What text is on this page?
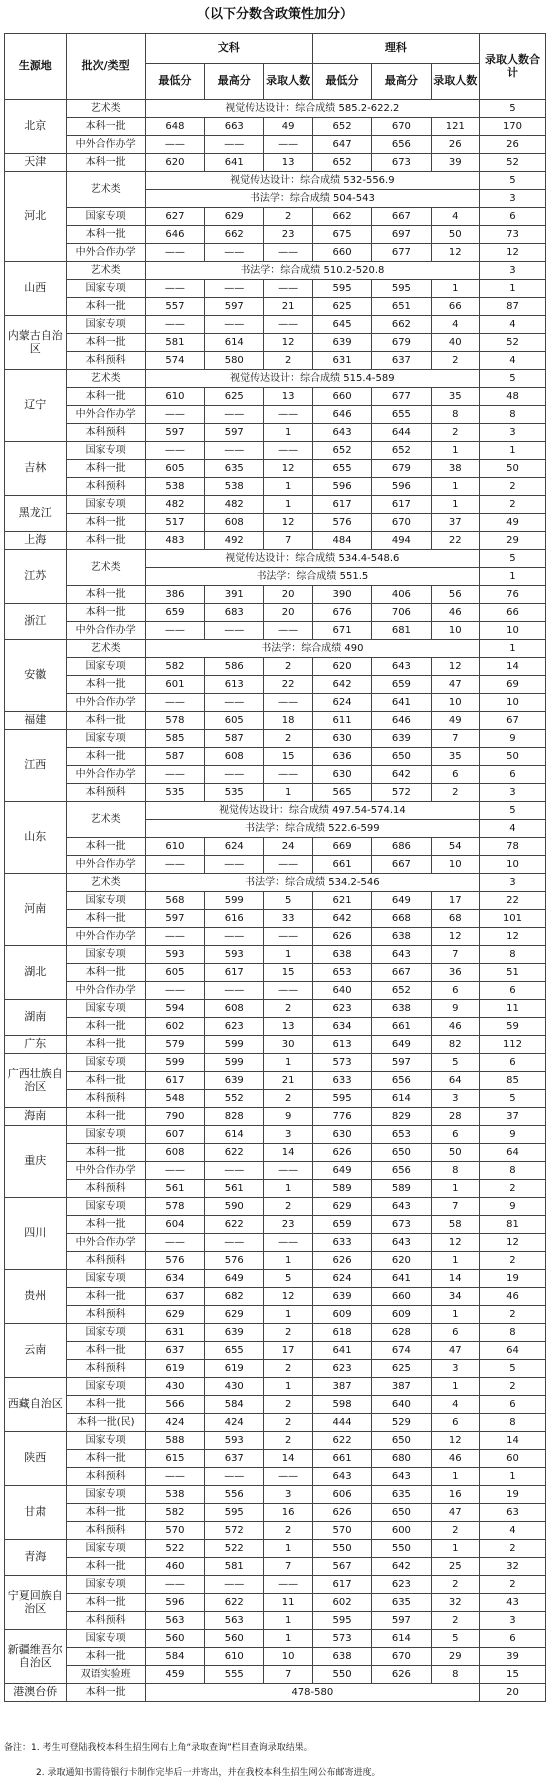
（以下分数含政策性加分）
生源地	批次/类型	文科			理科			录取人数合计
		最低分	最高分	录取人数	最低分	最高分	录取人数	
北京	艺术类	视觉传达设计：综合成绩 585.2-622.2						5
	本科一批	648	663	49	652	670	121	170
	中外合作办学	——	——	——	647	656	26	26
天津	本科一批	620	641	13	652	673	39	52
河北	艺术类	视觉传达设计：综合成绩 532-556.9						5
		书法学：综合成绩 504-543						3
	国家专项	627	629	2	662	667	4	6
	本科一批	646	662	23	675	697	50	73
	中外合作办学	——	——	——	660	677	12	12
山西	艺术类	书法学：综合成绩 510.2-520.8						3
	国家专项	——	——	——	595	595	1	1
	本科一批	557	597	21	625	651	66	87
内蒙古自治区	国家专项	——	——	——	645	662	4	4
	本科一批	581	614	12	639	679	40	52
	本科预科	574	580	2	631	637	2	4
辽宁	艺术类	视觉传达设计：综合成绩 515.4-589						5
	本科一批	610	625	13	660	677	35	48
	中外合作办学	——	——	——	646	655	8	8
	本科预科	597	597	1	643	644	2	3
吉林	国家专项	——	——	——	652	652	1	1
	本科一批	605	635	12	655	679	38	50
	本科预科	538	538	1	596	596	1	2
黑龙江	国家专项	482	482	1	617	617	1	2
	本科一批	517	608	12	576	670	37	49
上海	本科一批	483	492	7	484	494	22	29
江苏	艺术类	视觉传达设计：综合成绩 534.4-548.6						5
		书法学：综合成绩 551.5						1
	本科一批	386	391	20	390	406	56	76
浙江	本科一批	659	683	20	676	706	46	66
	中外合作办学	——	——	——	671	681	10	10
安徽	艺术类	书法学：综合成绩 490						1
	国家专项	582	586	2	620	643	12	14
	本科一批	601	613	22	642	659	47	69
	中外合作办学	——	——	——	624	641	10	10
福建	本科一批	578	605	18	611	646	49	67
江西	国家专项	585	587	2	630	639	7	9
	本科一批	587	608	15	636	650	35	50
	中外合作办学	——	——	——	630	642	6	6
	本科预科	535	535	1	565	572	2	3
山东	艺术类	视觉传达设计：综合成绩 497.54-574.14						5
		书法学：综合成绩 522.6-599						4
	本科一批	610	624	24	669	686	54	78
	中外合作办学	——	——	——	661	667	10	10
河南	艺术类	书法学：综合成绩 534.2-546						3
	国家专项	568	599	5	621	649	17	22
	本科一批	597	616	33	642	668	68	101
	中外合作办学	——	——	——	626	638	12	12
湖北	国家专项	593	593	1	638	643	7	8
	本科一批	605	617	15	653	667	36	51
	中外合作办学	——	——	——	640	652	6	6
湖南	国家专项	594	608	2	623	638	9	11
	本科一批	602	623	13	634	661	46	59
广东	本科一批	579	599	30	613	649	82	112
广西壮族自治区	国家专项	599	599	1	573	597	5	6
	本科一批	617	639	21	633	656	64	85
	本科预科	548	552	2	595	614	3	5
海南	本科一批	790	828	9	776	829	28	37
重庆	国家专项	607	614	3	630	653	6	9
	本科一批	608	622	14	626	650	50	64
	中外合作办学	——	——	——	649	656	8	8
	本科预科	561	561	1	589	589	1	2
四川	国家专项	578	590	2	629	643	7	9
	本科一批	604	622	23	659	673	58	81
	中外合作办学	——	——	——	633	643	12	12
	本科预科	576	576	1	626	620	1	2
贵州	国家专项	634	649	5	624	641	14	19
	本科一批	637	682	12	639	660	34	46
	本科预科	629	629	1	609	609	1	2
云南	国家专项	631	639	2	618	628	6	8
	本科一批	637	655	17	641	674	47	64
	本科预科	619	619	2	623	625	3	5
西藏自治区	国家专项	430	430	1	387	387	1	2
	本科一批	566	584	2	598	640	4	6
	本科一批(民)	424	424	2	444	529	6	8
陕西	国家专项	588	593	2	622	650	12	14
	本科一批	615	637	14	661	680	46	60
	本科预科	——	——	——	643	643	1	1
甘肃	国家专项	538	556	3	606	635	16	19
	本科一批	582	595	16	626	650	47	63
	本科预科	570	572	2	570	600	2	4
青海	国家专项	522	522	1	550	550	1	2
	本科一批	460	581	7	567	642	25	32
宁夏回族自治区	国家专项	——	——	——	617	623	2	2
	本科一批	596	622	11	602	635	32	43
	本科预科	563	563	1	595	597	2	3
新疆维吾尔自治区	国家专项	560	560	1	573	614	5	6
	本科一批	584	610	10	638	670	29	39
	双语实验班	459	555	7	550	626	8	15
港澳台侨	本科一批	478-580						20
备注：1. 考生可登陆我校本科生招生网右上角“录取查询”栏目查询录取结果。
2. 录取通知书需待银行卡制作完毕后一并寄出，并在我校本科生招生网公布邮寄进度。
